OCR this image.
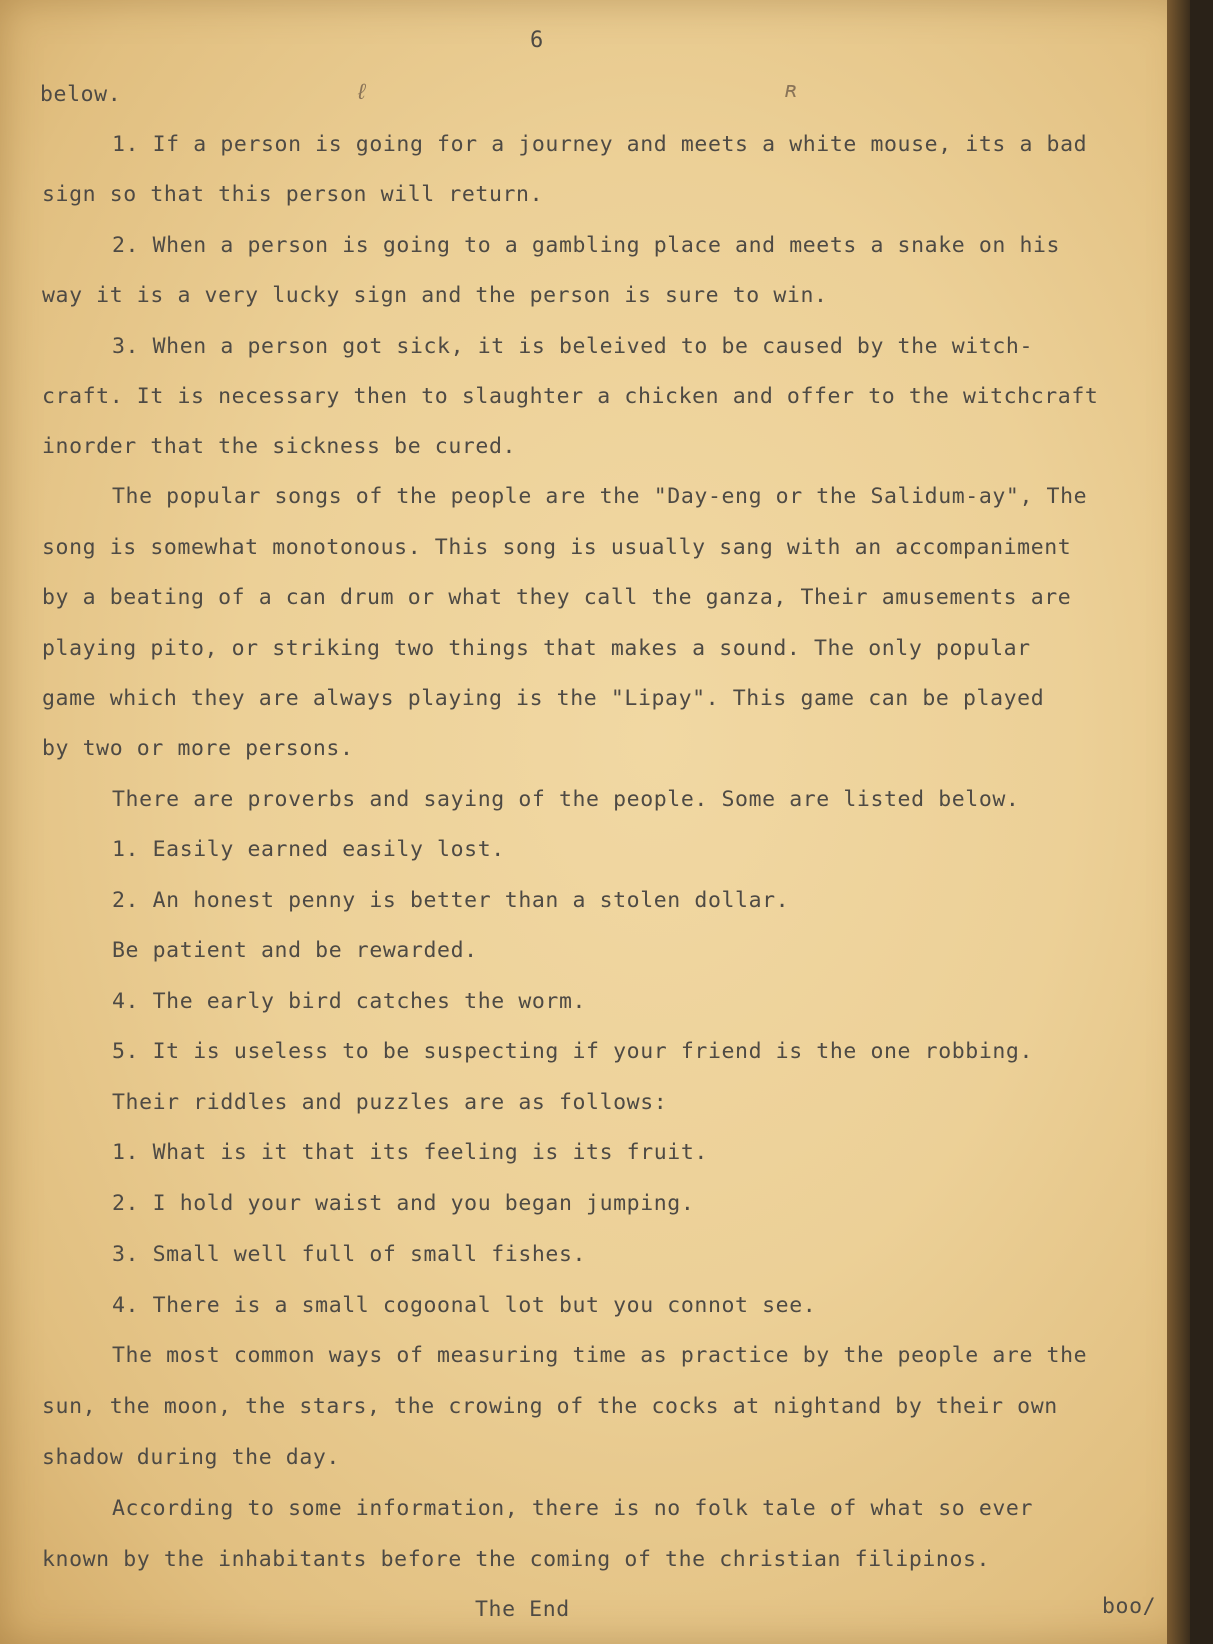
6
ℓ	ʀ
below.
1. If a person is going for a journey and meets a white mouse, its a bad
sign so that this person will return.
2. When a person is going to a gambling place and meets a snake on his
way it is a very lucky sign and the person is sure to win.
3. When a person got sick, it is beleived to be caused by the witch-
craft. It is necessary then to slaughter a chicken and offer to the witchcraft
inorder that the sickness be cured.
The popular songs of the people are the "Day-eng or the Salidum-ay", The
song is somewhat monotonous. This song is usually sang with an accompaniment
by a beating of a can drum or what they call the ganza, Their amusements are
playing pito, or striking two things that makes a sound. The only popular
game which they are always playing is the "Lipay". This game can be played
by two or more persons.
There are proverbs and saying of the people. Some are listed below.
1. Easily earned easily lost.
2. An honest penny is better than a stolen dollar.
Be patient and be rewarded.
4. The early bird catches the worm.
5. It is useless to be suspecting if your friend is the one robbing.
Their riddles and puzzles are as follows:
1. What is it that its feeling is its fruit.
2. I hold your waist and you began jumping.
3. Small well full of small fishes.
4. There is a small cogoonal lot but you connot see.
The most common ways of measuring time as practice by the people are the
sun, the moon, the stars, the crowing of the cocks at nightand by their own
shadow during the day.
According to some information, there is no folk tale of what so ever
known by the inhabitants before the coming of the christian filipinos.
The End	boo/
